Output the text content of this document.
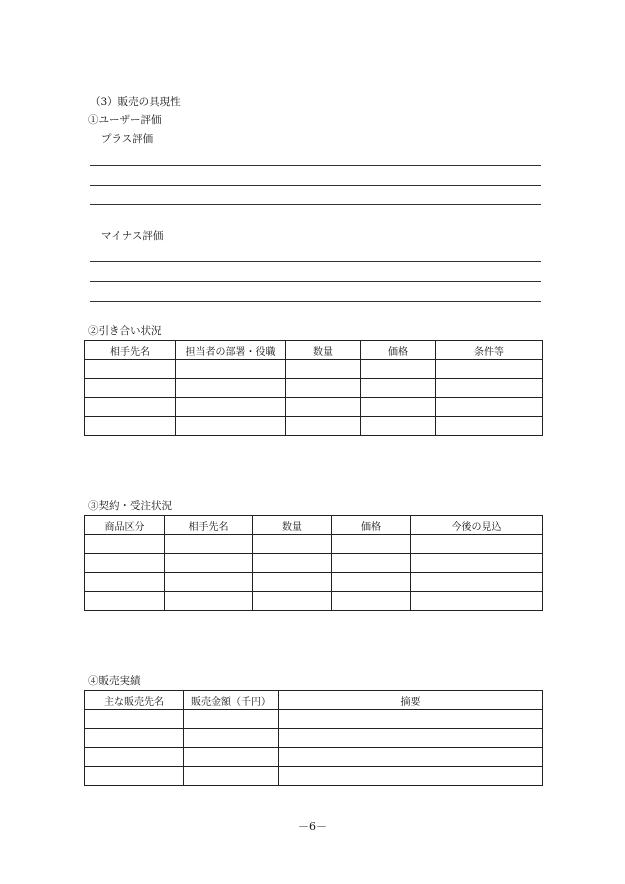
（3）販売の具現性
①ユーザー評価
プラス評価
マイナス評価
②引き合い状況
相手先名	担当者の部署・役職	数量	価格	条件等

③契約・受注状況
商品区分	相手先名	数量	価格	今後の見込

④販売実績
主な販売先名	販売金額（千円）	摘要

－6－
